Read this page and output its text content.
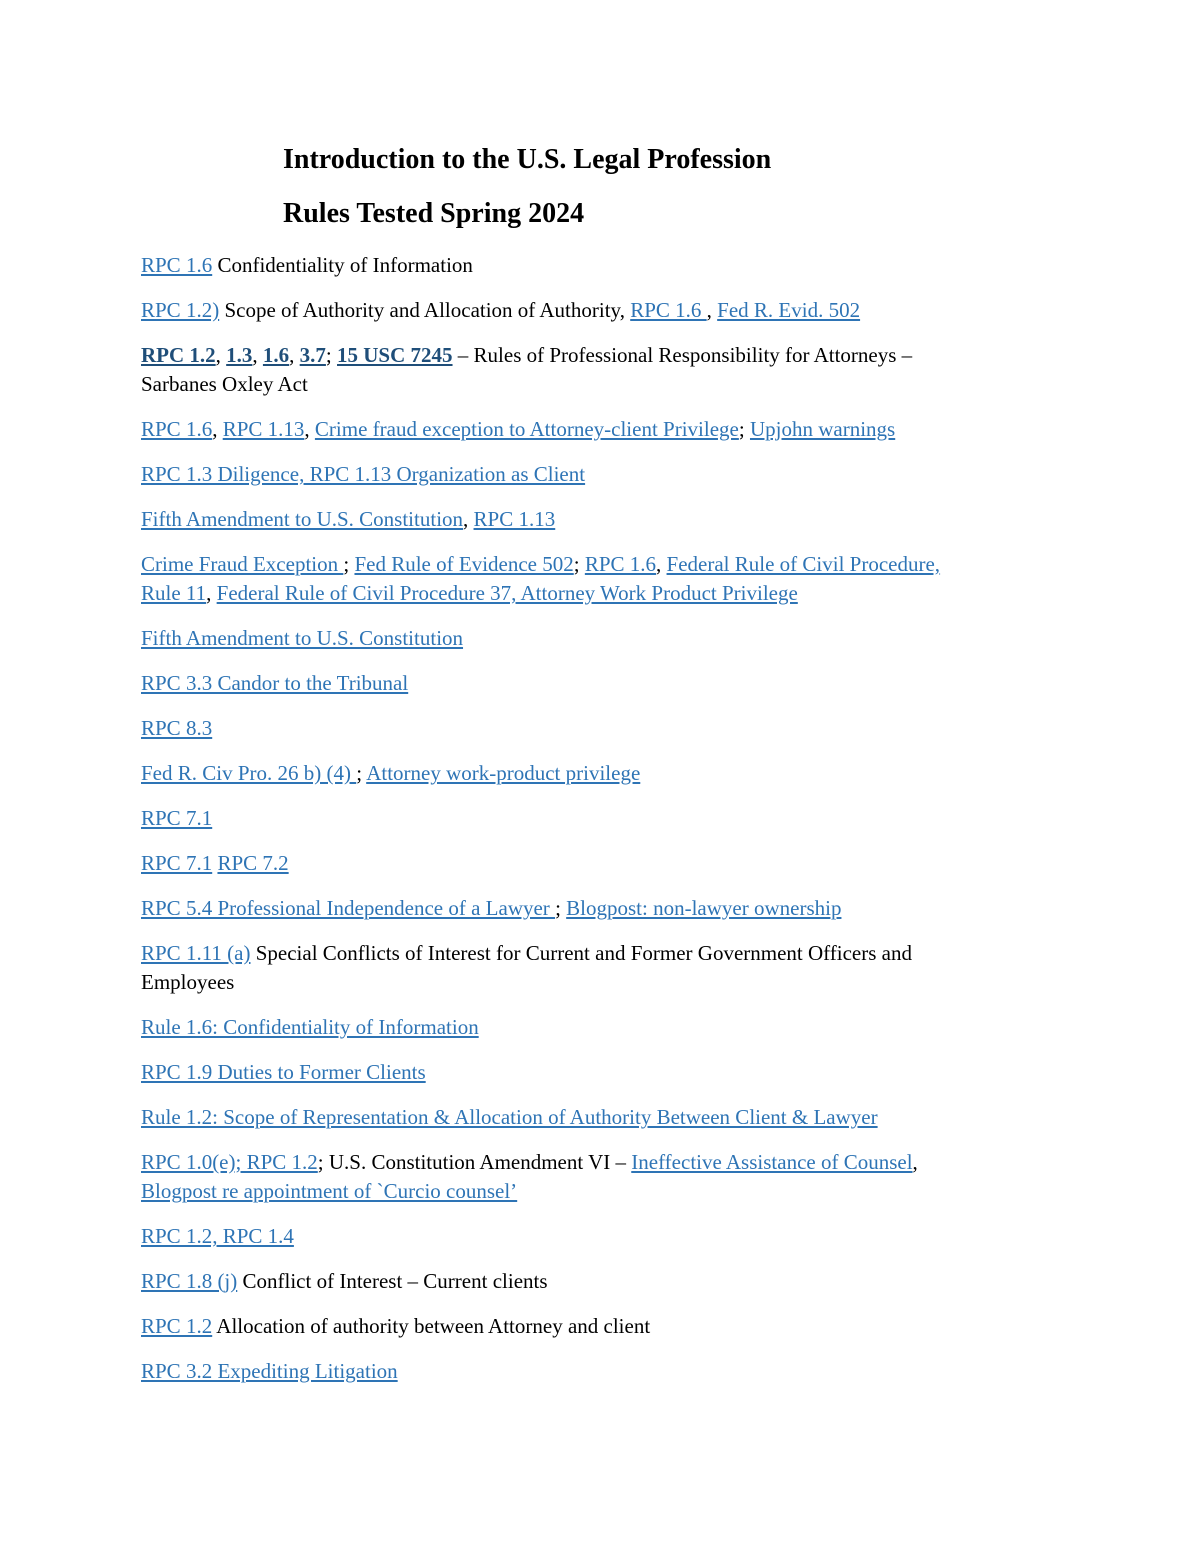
Introduction to the U.S. Legal Profession
Rules Tested Spring 2024
RPC 1.6 Confidentiality of Information
RPC 1.2) Scope of Authority and Allocation of Authority, RPC 1.6 , Fed R. Evid. 502
RPC 1.2, 1.3, 1.6, 3.7; 15 USC 7245 – Rules of Professional Responsibility for Attorneys –
Sarbanes Oxley Act
RPC 1.6, RPC 1.13, Crime fraud exception to Attorney-client Privilege; Upjohn warnings
RPC 1.3 Diligence, RPC 1.13 Organization as Client
Fifth Amendment to U.S. Constitution, RPC 1.13
Crime Fraud Exception ; Fed Rule of Evidence 502; RPC 1.6, Federal Rule of Civil Procedure,
Rule 11, Federal Rule of Civil Procedure 37, Attorney Work Product Privilege
Fifth Amendment to U.S. Constitution
RPC 3.3 Candor to the Tribunal
RPC 8.3
Fed R. Civ Pro. 26 b) (4) ; Attorney work-product privilege
RPC 7.1
RPC 7.1 RPC 7.2
RPC 5.4 Professional Independence of a Lawyer ; Blogpost: non-lawyer ownership
RPC 1.11 (a) Special Conflicts of Interest for Current and Former Government Officers and
Employees
Rule 1.6: Confidentiality of Information
RPC 1.9 Duties to Former Clients
Rule 1.2: Scope of Representation & Allocation of Authority Between Client & Lawyer
RPC 1.0(e); RPC 1.2; U.S. Constitution Amendment VI – Ineffective Assistance of Counsel,
Blogpost re appointment of `Curcio counsel’
RPC 1.2, RPC 1.4
RPC 1.8 (j) Conflict of Interest – Current clients
RPC 1.2 Allocation of authority between Attorney and client
RPC 3.2 Expediting Litigation
